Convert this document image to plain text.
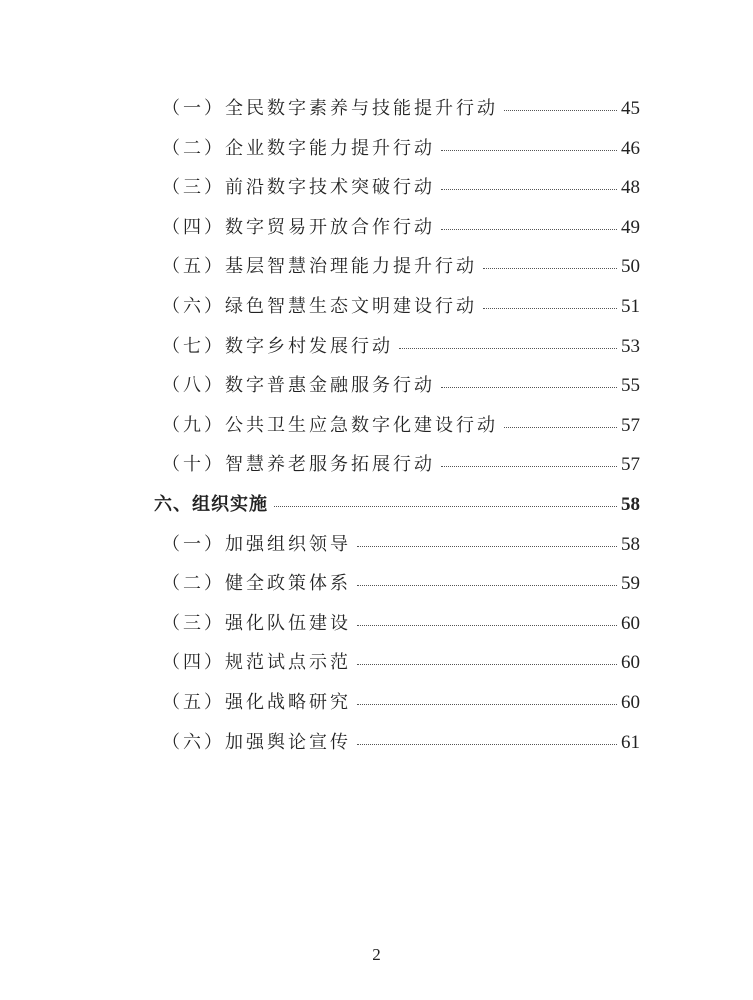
（一）全民数字素养与技能提升行动	45
（二）企业数字能力提升行动	46
（三）前沿数字技术突破行动	48
（四）数字贸易开放合作行动	49
（五）基层智慧治理能力提升行动	50
（六）绿色智慧生态文明建设行动	51
（七）数字乡村发展行动	53
（八）数字普惠金融服务行动	55
（九）公共卫生应急数字化建设行动	57
（十）智慧养老服务拓展行动	57
六、组织实施	58
（一）加强组织领导	58
（二）健全政策体系	59
（三）强化队伍建设	60
（四）规范试点示范	60
（五）强化战略研究	60
（六）加强舆论宣传	61
2
